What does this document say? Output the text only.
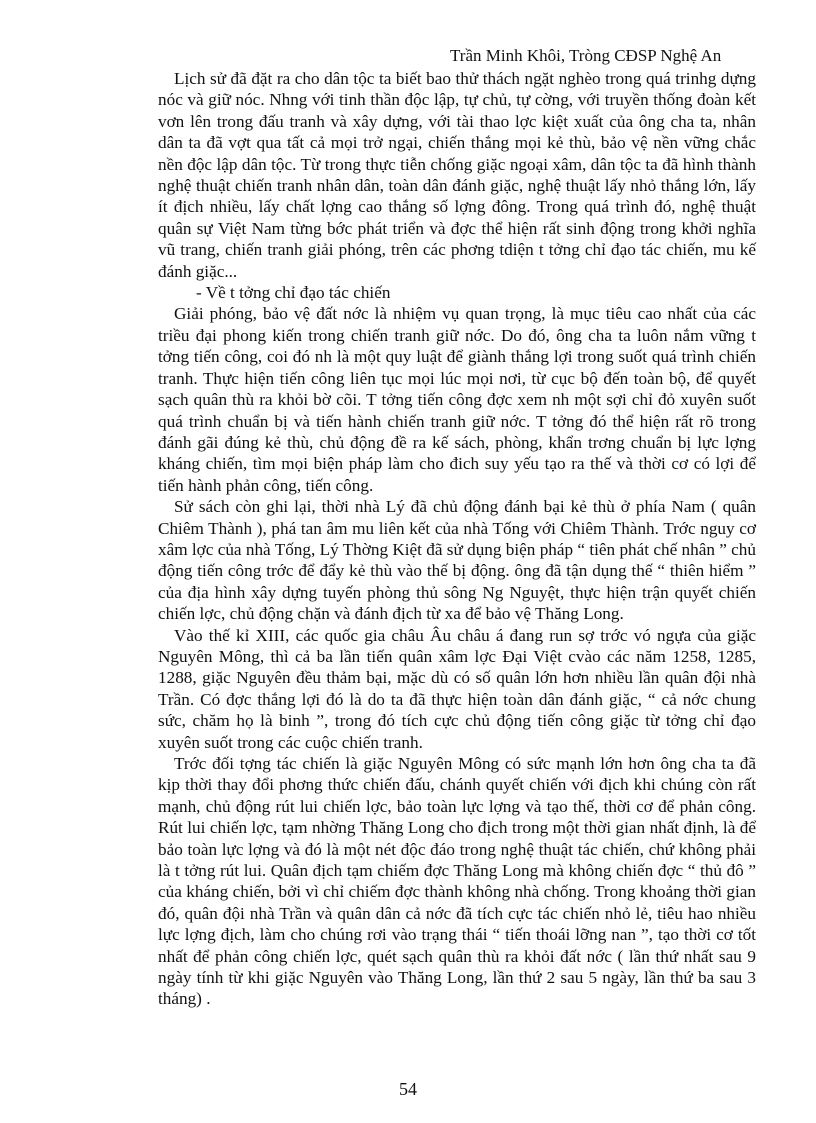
Trần Minh Khôi, Tròng CĐSP Nghệ An

Lịch sử đã đặt ra cho dân tộc ta biết bao thử thách ngặt nghèo trong quá trinhg dựng nóc và giữ nóc. Nhng với tinh thần độc lập, tự chủ, tự cờng, với truyền thống đoàn kết vơn lên trong đấu tranh và xây dựng, với tài thao lợc kiệt xuất của ông cha ta, nhân dân ta đã vợt qua tất cả mọi trở ngại, chiến thắng mọi kẻ thù, bảo vệ nền vững chắc nền độc lập dân tộc. Từ trong thực tiễn chống giặc ngoại xâm, dân tộc ta đã hình thành nghệ thuật chiến tranh nhân dân, toàn dân đánh giặc, nghệ thuật lấy nhỏ thắng lớn, lấy ít địch nhiều, lấy chất lợng cao thắng số lợng đông. Trong quá trình đó, nghệ thuật quân sự Việt Nam từng bớc phát triển và đợc thể hiện rất sinh động trong khởi nghĩa vũ trang, chiến tranh giải phóng, trên các phơng tdiện t tởng chỉ đạo tác chiến, mu kế đánh giặc...

- Về t tởng chỉ đạo tác chiến

Giải phóng, bảo vệ đất nớc là nhiệm vụ quan trọng, là mục tiêu cao nhất của các triều đại phong kiến trong chiến tranh giữ nớc. Do đó, ông cha ta luôn nắm vững t tởng tiến công, coi đó nh là một quy luật để giành thắng lợi trong suốt quá trình chiến tranh. Thực hiện tiến công liên tục mọi lúc mọi nơi, từ cục bộ đến toàn bộ, để quyết sạch quân thù ra khỏi bờ cõi. T tởng tiến công đợc xem nh một sợi chỉ đỏ xuyên suốt quá trình chuẩn bị và tiến hành chiến tranh giữ nớc. T tởng đó thể hiện rất rõ trong đánh gãi đúng kẻ thù, chủ động đề ra kế sách, phòng, khẩn trơng chuẩn bị lực lợng kháng chiến, tìm mọi biện pháp làm cho đich suy yếu tạo ra thế và thời cơ có lợi để tiến hành phản công, tiến công.

Sử sách còn ghi lại, thời nhà Lý đã chủ động đánh bại kẻ thù ở phía Nam ( quân Chiêm Thành ), phá tan âm mu liên kết của nhà Tống với Chiêm Thành. Trớc nguy cơ xâm lợc của nhà Tống, Lý Thờng Kiệt đã sử dụng biện pháp “ tiên phát chế nhân ” chủ động tiến công trớc để đẩy kẻ thù vào thế bị động. ông đã tận dụng thế “ thiên hiểm ” của địa hình xây dựng tuyến phòng thủ sông Ng Nguyệt, thực hiện trận quyết chiến chiến lợc, chủ động chặn và đánh địch từ xa để bảo vệ Thăng Long.

Vào thế kỉ XIII, các quốc gia châu Âu châu á đang run sợ trớc vó ngựa của giặc Nguyên Mông, thì cả ba lần tiến quân xâm lợc Đại Việt cvào các năm 1258, 1285, 1288, giặc Nguyên đều thảm bại, mặc dù có số quân lớn hơn nhiều lần quân đội nhà Trần. Có đợc thắng lợi đó là do ta đã thực hiện toàn dân đánh giặc, “ cả nớc chung sức, chăm họ là binh ”, trong đó tích cực chủ động tiến công giặc từ tởng chỉ đạo xuyên suốt trong các cuộc chiến tranh.

Trớc đối tợng tác chiến là giặc Nguyên Mông có sức mạnh lớn hơn ông cha ta đã kịp thời thay đổi phơng thức chiến đấu, chánh quyết chiến với địch khi chúng còn rất mạnh, chủ động rút lui chiến lợc, bảo toàn lực lợng và tạo thế, thời cơ để phản công. Rút lui chiến lợc, tạm nhờng Thăng Long cho địch trong một thời gian nhất định, là để bảo toàn lực lợng và đó là một nét độc đáo trong nghệ thuật tác chiến, chứ không phải là t tởng rút lui. Quân địch tạm chiếm đợc Thăng Long mà không chiến đợc “ thủ đô ” của kháng chiến, bởi vì chỉ chiếm đợc thành không nhà chống. Trong khoảng thời gian đó, quân đội nhà Trần và quân dân cả nớc đã tích cực tác chiến nhỏ lẻ, tiêu hao nhiều lực lợng địch, làm cho chúng rơi vào trạng thái “ tiến thoái lỡng nan ”, tạo thời cơ tốt nhất để phản công chiến lợc, quét sạch quân thù ra khỏi đất nớc ( lần thứ nhất sau 9 ngày tính từ khi giặc Nguyên vào Thăng Long, lần thứ 2 sau 5 ngày, lần thứ ba sau 3 tháng) .

54
